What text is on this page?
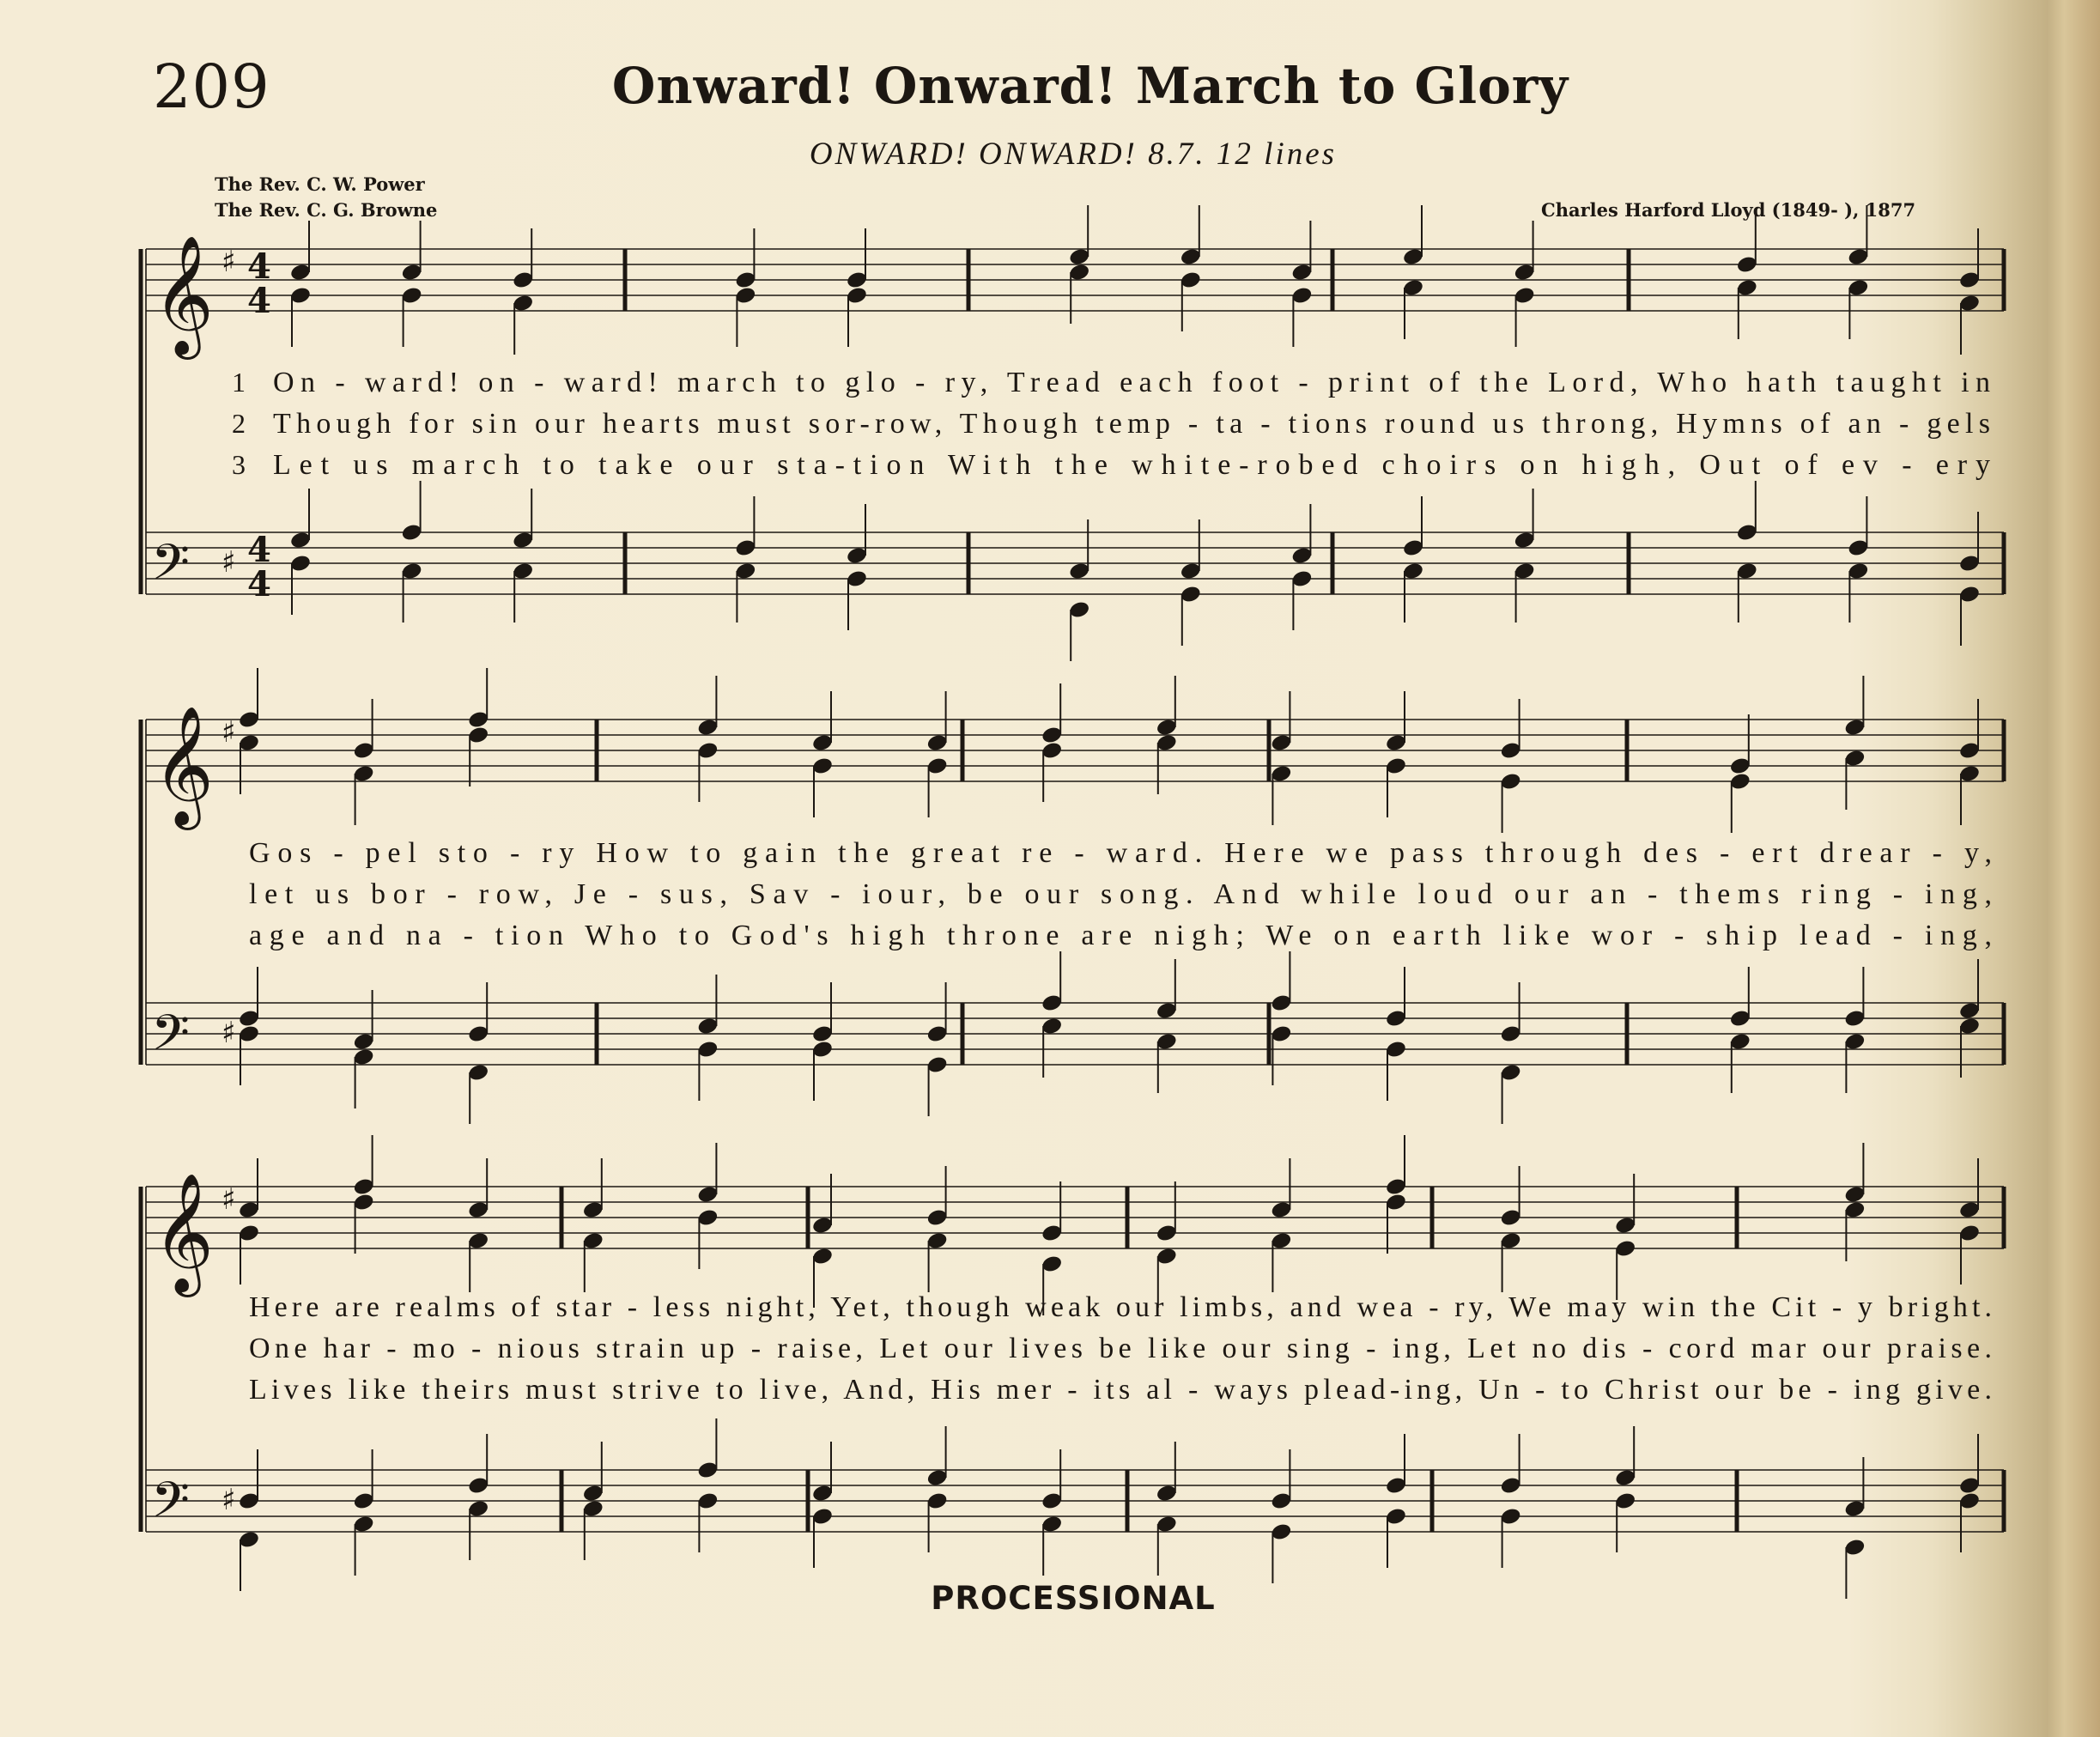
209	Onward! Onward! March to Glory
ONWARD! ONWARD! 8.7. 12 lines
The Rev. C. W. Power
The Rev. C. G. Browne	Charles Harford Lloyd (1849- ), 1877
𝄞
𝄢
♯
♯
4
4
4
4
1 On - ward! on - ward! march to glo - ry, Tread each foot - print of the Lord, Who hath taught in
2 Though for sin our hearts must sor-row, Though temp - ta - tions round us throng, Hymns of an - gels
3 Let us march to take our sta-tion With the white-robed choirs on high, Out of ev - ery
𝄞
𝄢
♯
♯
Gos - pel sto - ry How to gain the great re - ward. Here we pass through des - ert drear - y,
let us bor - row, Je - sus, Sav - iour, be our song. And while loud our an - thems ring - ing,
age and na - tion Who to God's high throne are nigh; We on earth like wor - ship lead - ing,
𝄞
𝄢
♯
♯
Here are realms of star - less night, Yet, though weak our limbs, and wea - ry, We may win the Cit - y bright.
One har - mo - nious strain up - raise, Let our lives be like our sing - ing, Let no dis - cord mar our praise.
Lives like theirs must strive to live, And, His mer - its al - ways plead-ing, Un - to Christ our be - ing give.
PROCESSIONAL
